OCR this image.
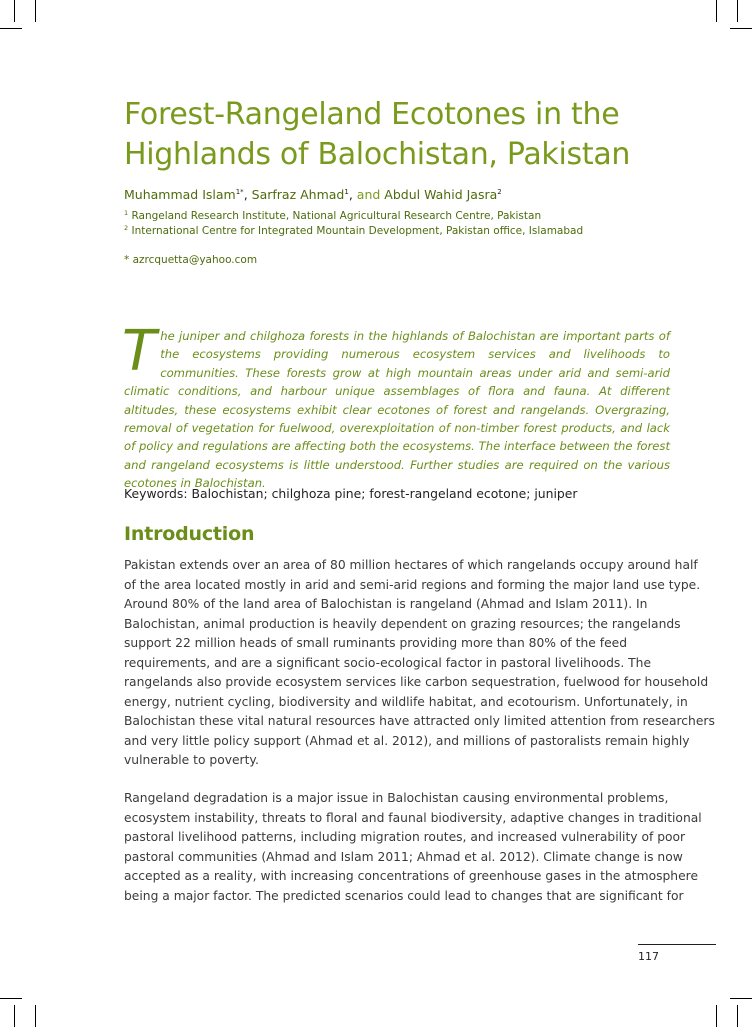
Forest-Rangeland Ecotones in the
Highlands of Balochistan, Pakistan
Muhammad Islam$^{1*}$, Sarfraz Ahmad$^1$, and Abdul Wahid Jasra$^2$
$^1$ Rangeland Research Institute, National Agricultural Research Centre, Pakistan
$^2$ International Centre for Integrated Mountain Development, Pakistan office, Islamabad
* azrcquetta@yahoo.com

The juniper and chilghoza forests in the highlands of Balochistan are important parts of the ecosystems providing numerous ecosystem services and livelihoods to communities. These forests grow at high mountain areas under arid and semi-arid climatic conditions, and harbour unique assemblages of flora and fauna. At different altitudes, these ecosystems exhibit clear ecotones of forest and rangelands. Overgrazing, removal of vegetation for fuelwood, overexploitation of non-timber forest products, and lack of policy and regulations are affecting both the ecosystems. The interface between the forest and rangeland ecosystems is little understood. Further studies are required on the various ecotones in Balochistan.

Keywords: Balochistan; chilghoza pine; forest-rangeland ecotone; juniper
Introduction

Pakistan extends over an area of 80 million hectares of which rangelands occupy around half
of the area located mostly in arid and semi-arid regions and forming the major land use type.
Around 80% of the land area of Balochistan is rangeland (Ahmad and Islam 2011). In
Balochistan, animal production is heavily dependent on grazing resources; the rangelands
support 22 million heads of small ruminants providing more than 80% of the feed
requirements, and are a significant socio-ecological factor in pastoral livelihoods. The
rangelands also provide ecosystem services like carbon sequestration, fuelwood for household
energy, nutrient cycling, biodiversity and wildlife habitat, and ecotourism. Unfortunately, in
Balochistan these vital natural resources have attracted only limited attention from researchers
and very little policy support (Ahmad et al. 2012), and millions of pastoralists remain highly
vulnerable to poverty.

Rangeland degradation is a major issue in Balochistan causing environmental problems,
ecosystem instability, threats to floral and faunal biodiversity, adaptive changes in traditional
pastoral livelihood patterns, including migration routes, and increased vulnerability of poor
pastoral communities (Ahmad and Islam 2011; Ahmad et al. 2012). Climate change is now
accepted as a reality, with increasing concentrations of greenhouse gases in the atmosphere
being a major factor. The predicted scenarios could lead to changes that are significant for

117
